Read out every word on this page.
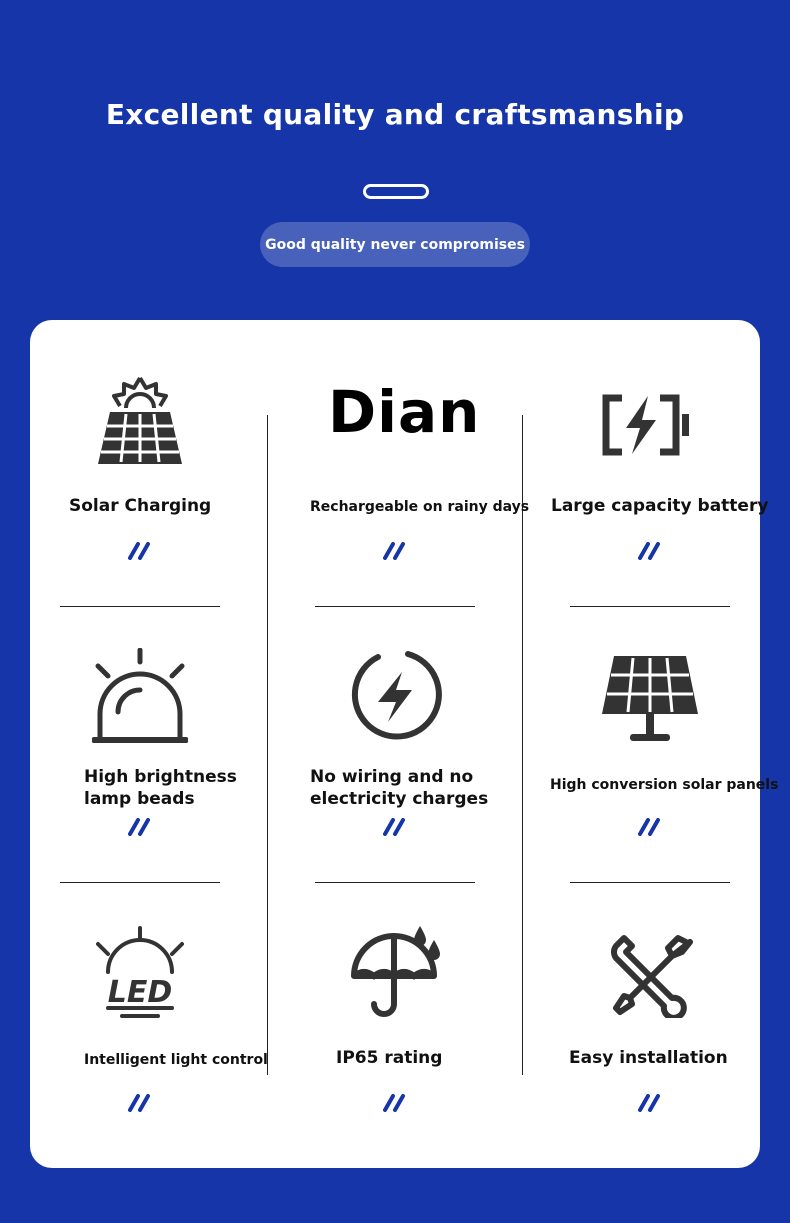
Excellent quality and craftsmanship
Good quality never compromises
Solar Charging
Dian
Rechargeable on rainy days Large capacity battery
High brightness
lamp beads
No wiring and no
electricity charges
High conversion solar panels
LED
Intelligent light control	IP65 rating	Easy installation
